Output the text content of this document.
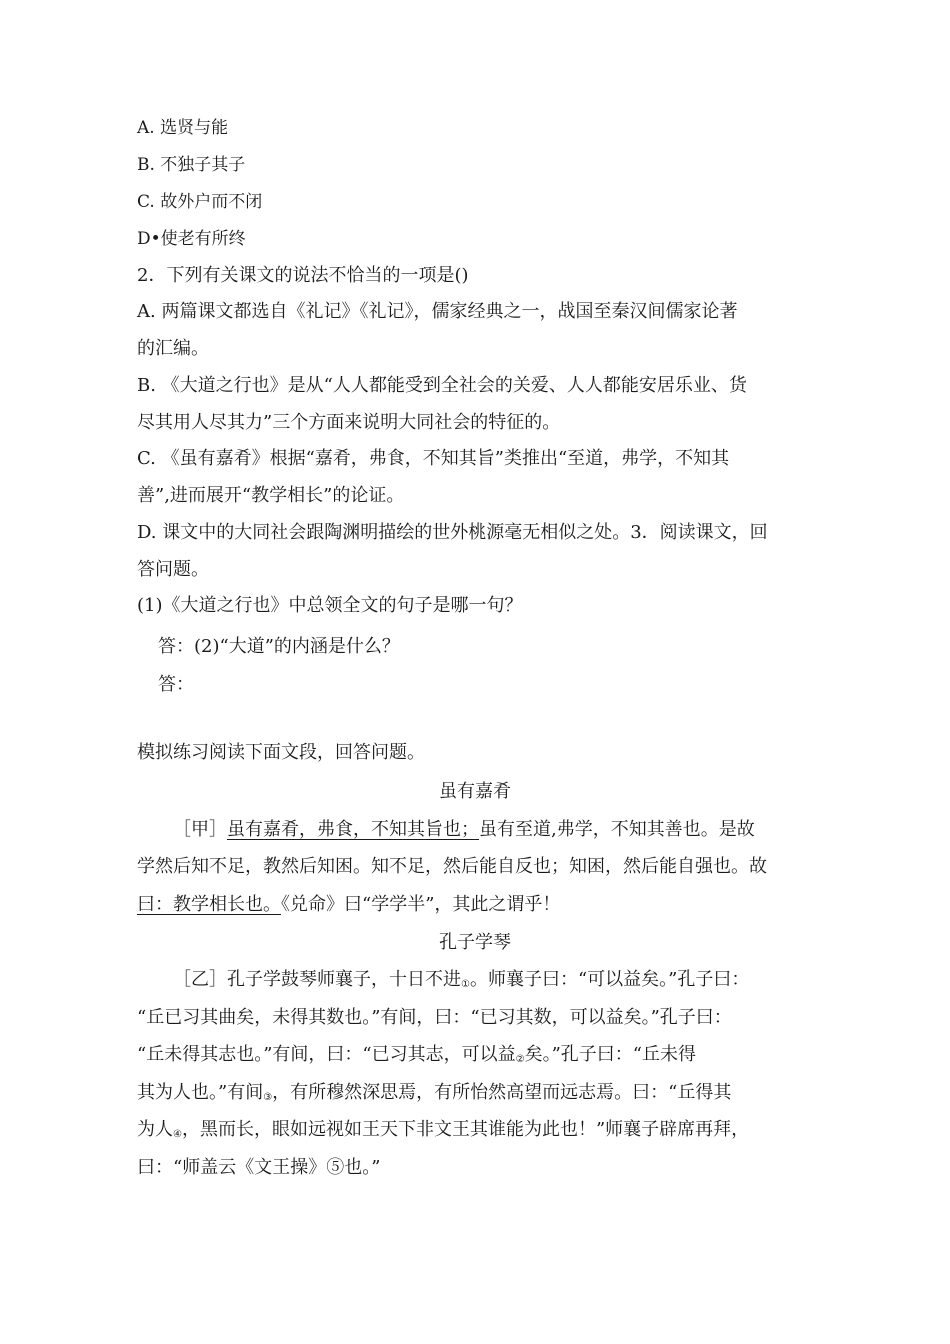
A. 选贤与能
B. 不独子其子
C. 故外户而不闭
D•使老有所终
2．下列有关课文的说法不恰当的一项是()
A. 两篇课文都选自《礼记》《礼记》，儒家经典之一，战国至秦汉间儒家论著
的汇编。
B. 《大道之行也》是从“人人都能受到全社会的关爱、人人都能安居乐业、货
尽其用人尽其力”三个方面来说明大同社会的特征的。
C. 《虽有嘉肴》根据“嘉肴，弗食，不知其旨”类推出“至道，弗学，不知其
善”,进而展开“教学相长”的论证。
D. 课文中的大同社会跟陶渊明描绘的世外桃源毫无相似之处。3．阅读课文，回
答问题。
(1)《大道之行也》中总领全文的句子是哪一句？
答：(2)“大道”的内涵是什么？
答：
模拟练习阅读下面文段，回答问题。
虽有嘉肴
［甲］虽有嘉肴，弗食，不知其旨也；虽有至道,弗学，不知其善也。是故
学然后知不足，教然后知困。知不足，然后能自反也；知困，然后能自强也。故
曰：教学相长也。《兑命》曰“学学半”，其此之谓乎！
孔子学琴
［乙］孔子学鼓琴师襄子，十日不进①。师襄子曰：“可以益矣。”孔子曰：
“丘已习其曲矣，未得其数也。”有间，曰：“已习其数，可以益矣。”孔子曰：
“丘未得其志也。”有间，曰：“已习其志，可以益②矣。”孔子曰：“丘未得
其为人也。”有间③，有所穆然深思焉，有所怡然高望而远志焉。曰：“丘得其
为人④，黑而长，眼如远视如王天下非文王其谁能为此也！”师襄子辟席再拜，
曰：“师盖云《文王操》⑤也。”
